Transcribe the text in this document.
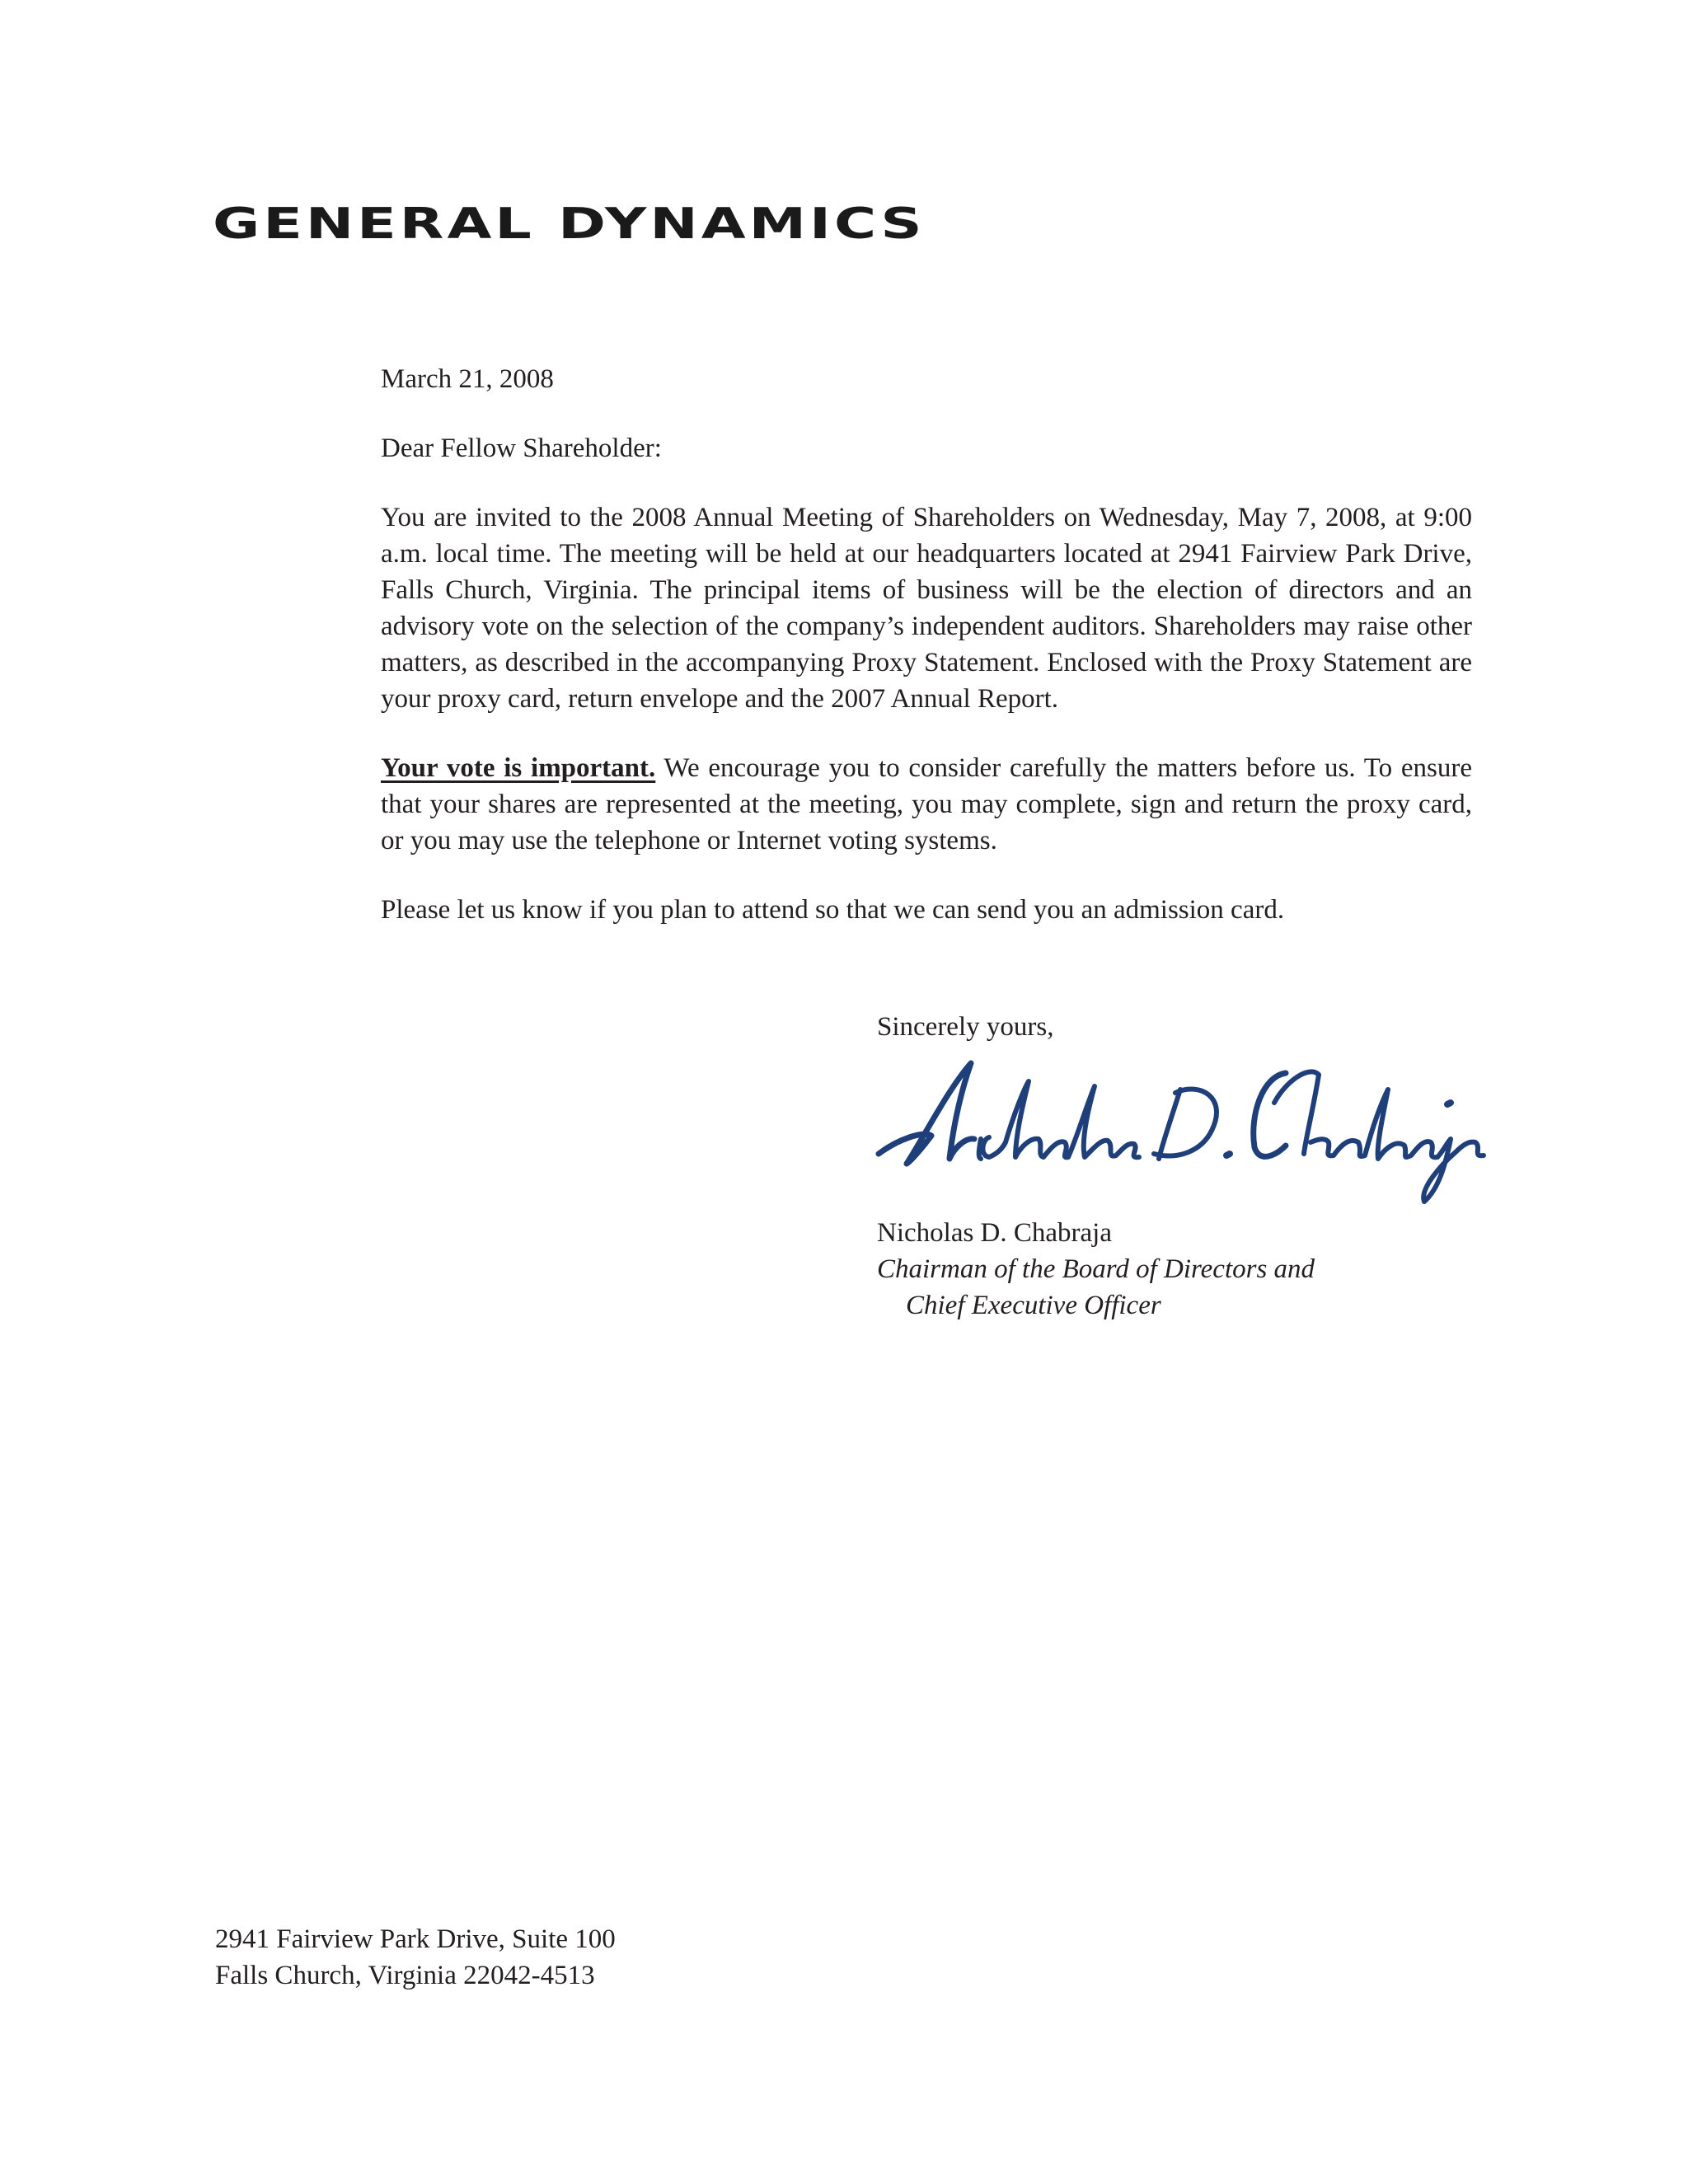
GENERAL DYNAMICS

March 21, 2008

Dear Fellow Shareholder:

You are invited to the 2008 Annual Meeting of Shareholders on Wednesday, May 7, 2008, at 9:00 a.m. local time. The meeting will be held at our headquarters located at 2941 Fairview Park Drive, Falls Church, Virginia. The principal items of business will be the election of directors and an advisory vote on the selection of the company’s independent auditors. Shareholders may raise other matters, as described in the accompanying Proxy Statement. Enclosed with the Proxy Statement are your proxy card, return envelope and the 2007 Annual Report.

Your vote is important. We encourage you to consider carefully the matters before us. To ensure that your shares are represented at the meeting, you may complete, sign and return the proxy card, or you may use the telephone or Internet voting systems.

Please let us know if you plan to attend so that we can send you an admission card.

Sincerely yours,

Nicholas D. Chabraja

Chairman of the Board of Directors and

Chief Executive Officer

2941 Fairview Park Drive, Suite 100

Falls Church, Virginia 22042-4513
